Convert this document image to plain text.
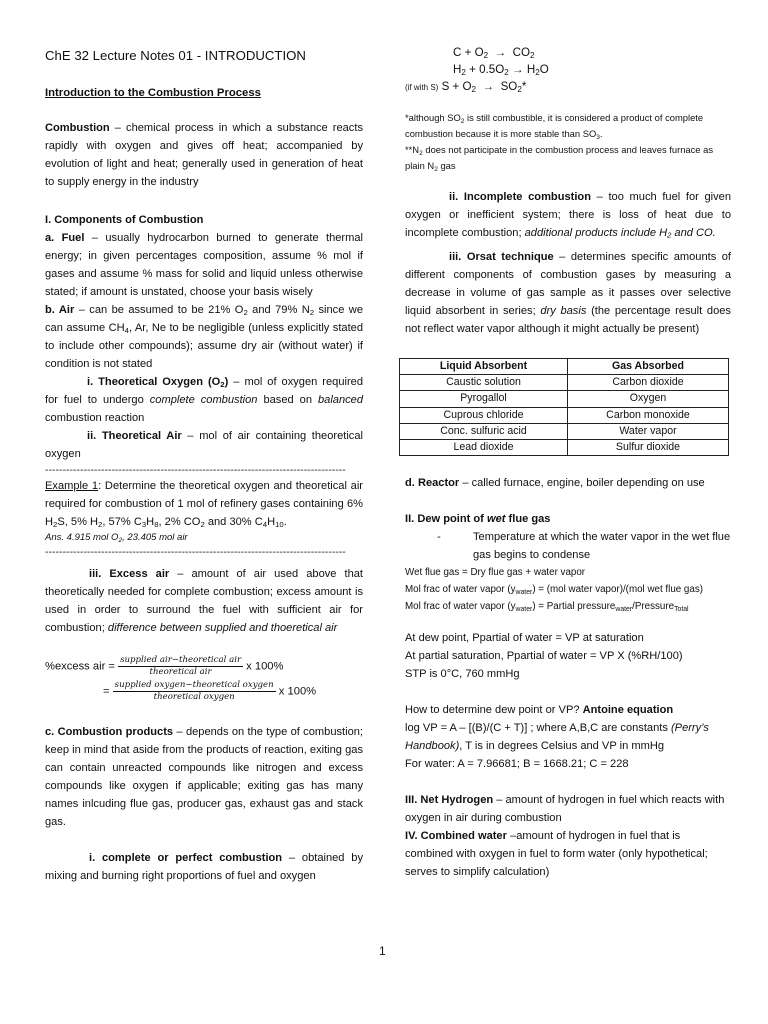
ChE 32 Lecture Notes 01 - INTRODUCTION
Introduction to the Combustion Process

Combustion – chemical process in which a substance reacts rapidly with oxygen and gives off heat; accompanied by evolution of light and heat; generally used in generation of heat to supply energy in the industry

I. Components of Combustion

a. Fuel – usually hydrocarbon burned to generate thermal energy; in given percentages composition, assume % mol if gases and assume % mass for solid and liquid unless otherwise stated; if amount is unstated, choose your basis wisely

b. Air – can be assumed to be 21% $O_2$ and 79% $N_2$ since we can assume $CH_4$, Ar, Ne to be negligible (unless explicitly stated to include other compounds); assume dry air (without water) if condition is not stated

i. Theoretical Oxygen $(O_2)$ – mol of oxygen required for fuel to undergo complete combustion based on balanced combustion reaction

ii. Theoretical Air – mol of air containing theoretical oxygen

--------------------------------------------------------------------------------------

Example 1: Determine the theoretical oxygen and theoretical air required for combustion of 1 mol of refinery gases containing 6% $H_2S$, 5% $H_2$, 57% $C_3H_8$, 2% $CO_2$ and 30% $C_4H_{10}$.

Ans. 4.915 mol $O_2$, 23.405 mol air
--------------------------------------------------------------------------------------

iii. Excess air – amount of air used above that theoretically needed for complete combustion; excess amount is used in order to surround the fuel with sufficient air for combustion; difference between supplied and thoeretical air

%excess air = $\frac{\text{supplied air−theoretical air}}{\text{theoretical air}}$ x 100%
= $\frac{\text{supplied oxygen−theoretical oxygen}}{\text{theoretical oxygen}}$ x 100%

c. Combustion products – depends on the type of combustion; keep in mind that aside from the products of reaction, exiting gas can contain unreacted compounds like nitrogen and excess compounds like oxygen if applicable; exiting gas has many names inlcuding flue gas, producer gas, exhaust gas and stack gas.

i. complete or perfect combustion – obtained by mixing and burning right proportions of fuel and oxygen

$C + O_2 \to CO_2$
$H_2 + 0.5O_2 \to H_2O$
(if with S) $S + O_2 \to SO_2*$

*although $SO_2$ is still combustible, it is considered a product of complete combustion because it is more stable than $SO_3$.

$**N_2$ does not participate in the combustion process and leaves furnace as plain $N_2$ gas

ii. Incomplete combustion – too much fuel for given oxygen or inefficient system; there is loss of heat due to incomplete combustion; additional products include H₂ and CO.

iii. Orsat technique – determines specific amounts of different components of combustion gases by measuring a decrease in volume of gas sample as it passes over selective liquid absorbent in series; dry basis (the percentage result does not reflect water vapor although it might actually be present)

Liquid Absorbent	Gas Absorbed
Caustic solution	Carbon dioxide
Pyrogallol	Oxygen
Cuprous chloride	Carbon monoxide
Conc. sulfuric acid	Water vapor
Lead dioxide	Sulfur dioxide

d. Reactor – called furnace, engine, boiler depending on use

II. Dew point of wet flue gas

-	Temperature at which the water vapor in the wet flue gas begins to condense

Wet flue gas = Dry flue gas + water vapor

Mol frac of water vapor $(y_{water}) = (mol$ water vapor)/(mol wet flue gas)

Mol frac of water vapor $(y_{water})$ = Partial pressure$_{water}$/Pressure$_{Total}$

At dew point, Ppartial of water = VP at saturation

At partial saturation, Ppartial of water = VP X (%RH/100)

STP is 0°C, 760 mmHg

How to determine dew point or VP? Antoine equation

log VP = A – [(B)/(C + T)] ; where A,B,C are constants (Perry’s Handbook), T is in degrees Celsius and VP in mmHg

For water: A = 7.96681; B = 1668.21; C = 228

III. Net Hydrogen – amount of hydrogen in fuel which reacts with oxygen in air during combustion

IV. Combined water –amount of hydrogen in fuel that is combined with oxygen in fuel to form water (only hypothetical; serves to simplify calculation)

1
